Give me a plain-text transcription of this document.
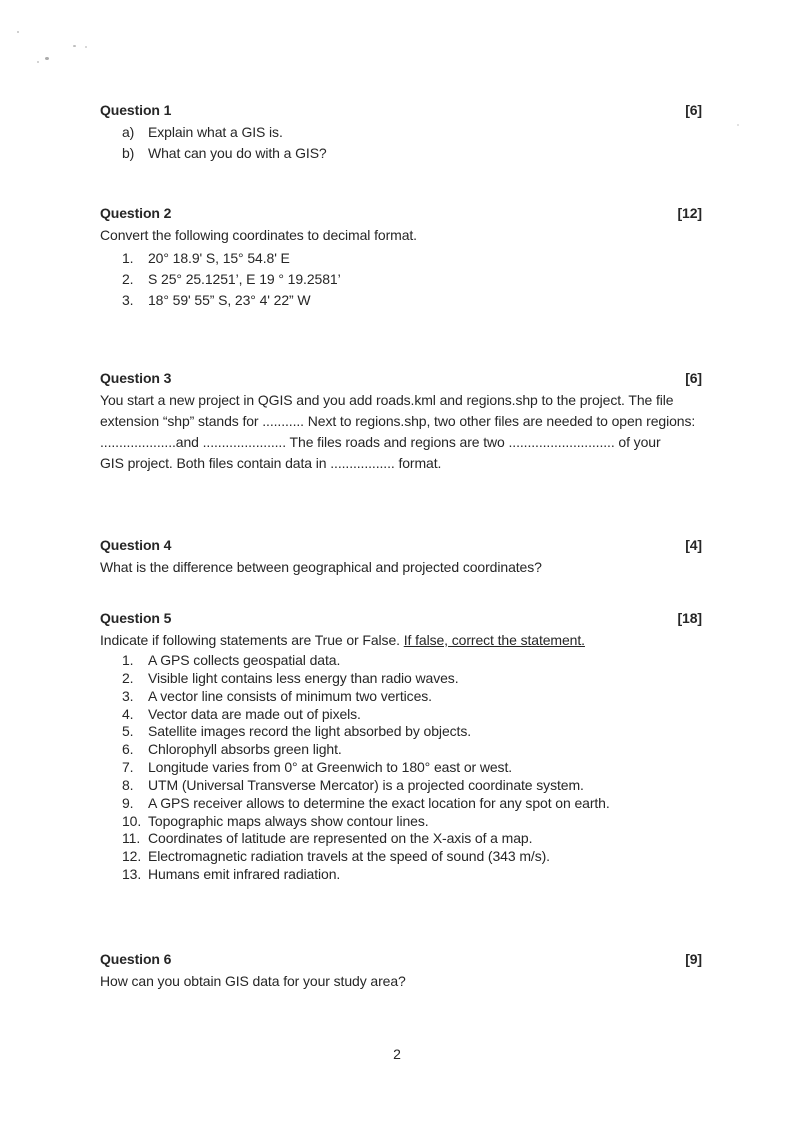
Question 1	[6]
a) Explain what a GIS is.
b) What can you do with a GIS?
Question 2	[12]
Convert the following coordinates to decimal format.
1.	20° 18.9' S, 15° 54.8' E
2.	S 25° 25.1251’, E 19 ° 19.2581’
3.	18° 59' 55” S, 23° 4' 22” W
Question 3	[6]
You start a new project in QGIS and you add roads.kml and regions.shp to the project. The file
extension “shp” stands for ........... Next to regions.shp, two other files are needed to open regions:
....................and ...................... The files roads and regions are two ............................ of your
GIS project. Both files contain data in ................. format.
Question 4	[4]
What is the difference between geographical and projected coordinates?
Question 5	[18]
Indicate if following statements are True or False. If false, correct the statement.
1.	A GPS collects geospatial data.
2.	Visible light contains less energy than radio waves.
3.	A vector line consists of minimum two vertices.
4.	Vector data are made out of pixels.
5.	Satellite images record the light absorbed by objects.
6.	Chlorophyll absorbs green light.
7.	Longitude varies from 0° at Greenwich to 180° east or west.
8.	UTM (Universal Transverse Mercator) is a projected coordinate system.
9.	A GPS receiver allows to determine the exact location for any spot on earth.
10. Topographic maps always show contour lines.
11. Coordinates of latitude are represented on the X-axis of a map.
12. Electromagnetic radiation travels at the speed of sound (343 m/s).
13. Humans emit infrared radiation.
Question 6	[9]
How can you obtain GIS data for your study area?
2
